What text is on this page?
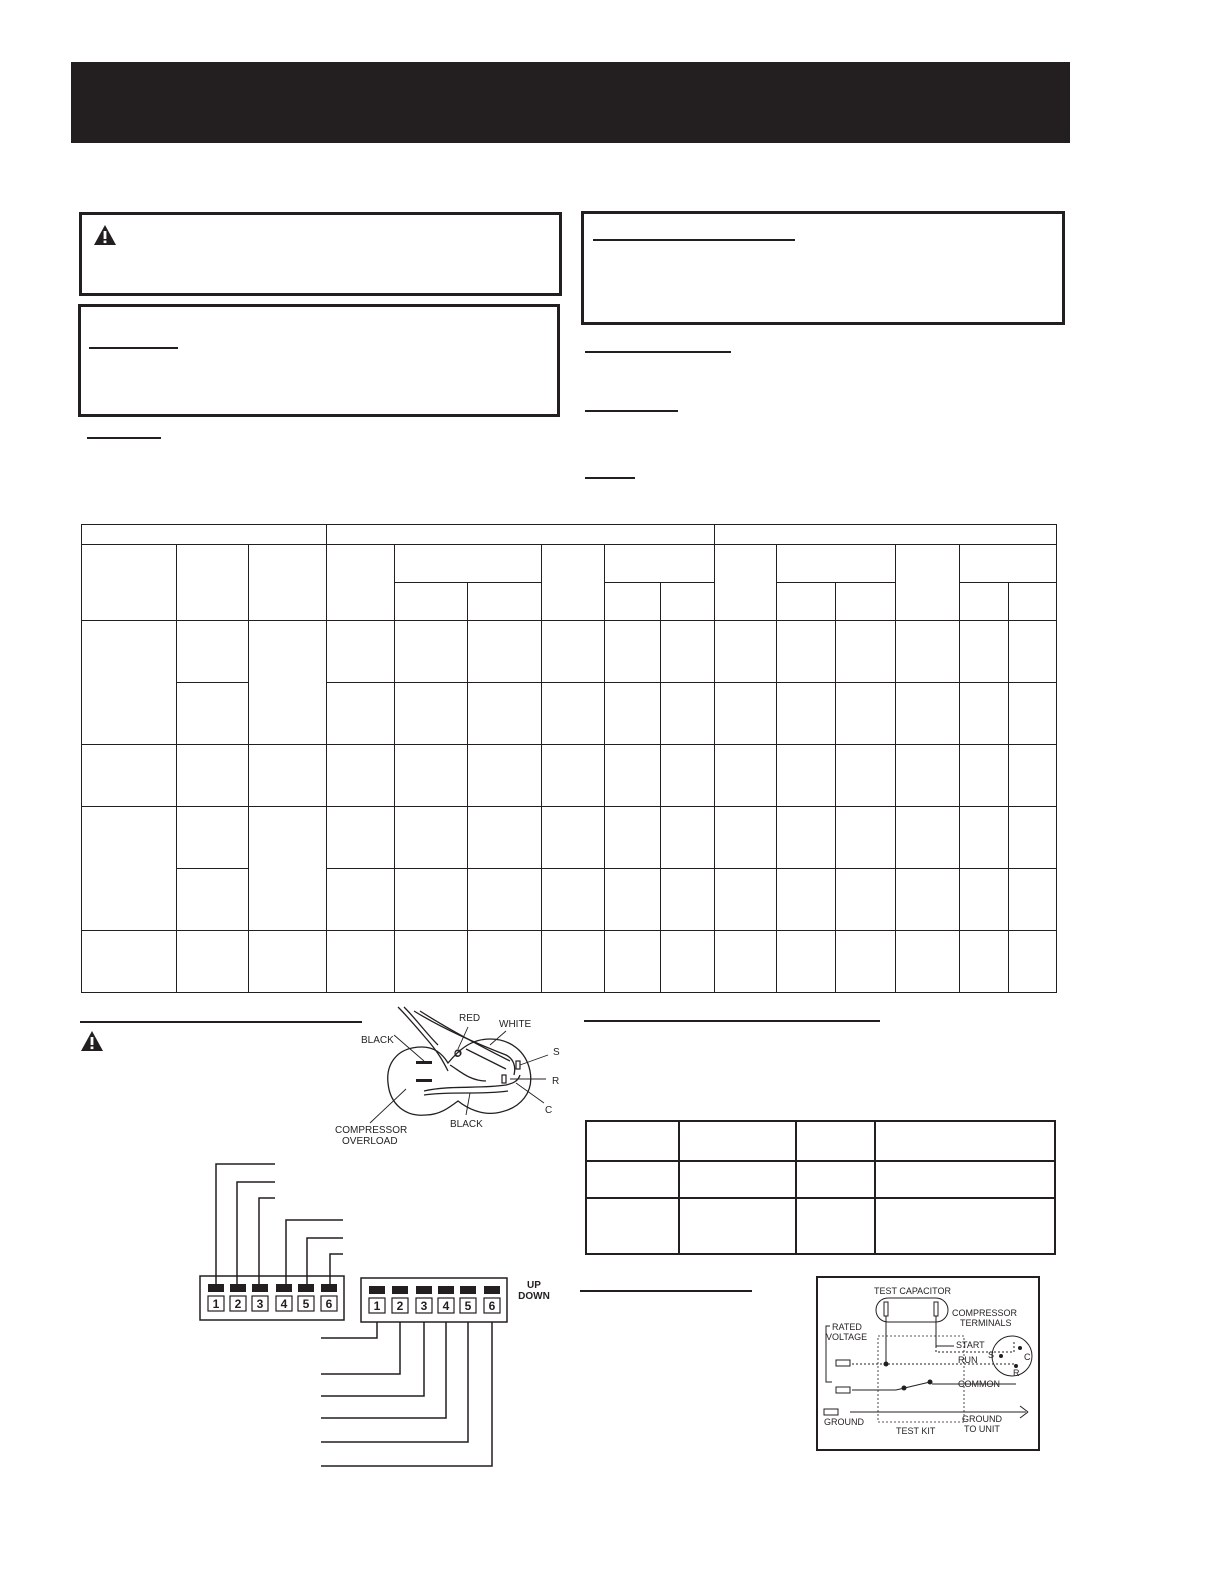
BLACK
RED
WHITE
S
R
C
O
BLACK
COMPRESSOR
OVERLOAD
1 2 3 4 5 6	1 2 3 4 5 6
UP
DOWN

				TEST CAPACITOR
COMPRESSOR
TERMINALS
RATED
VOLTAGE
START
RUN
COMMON
GROUND
TEST KIT
GROUND
TO UNIT
S	C
R
